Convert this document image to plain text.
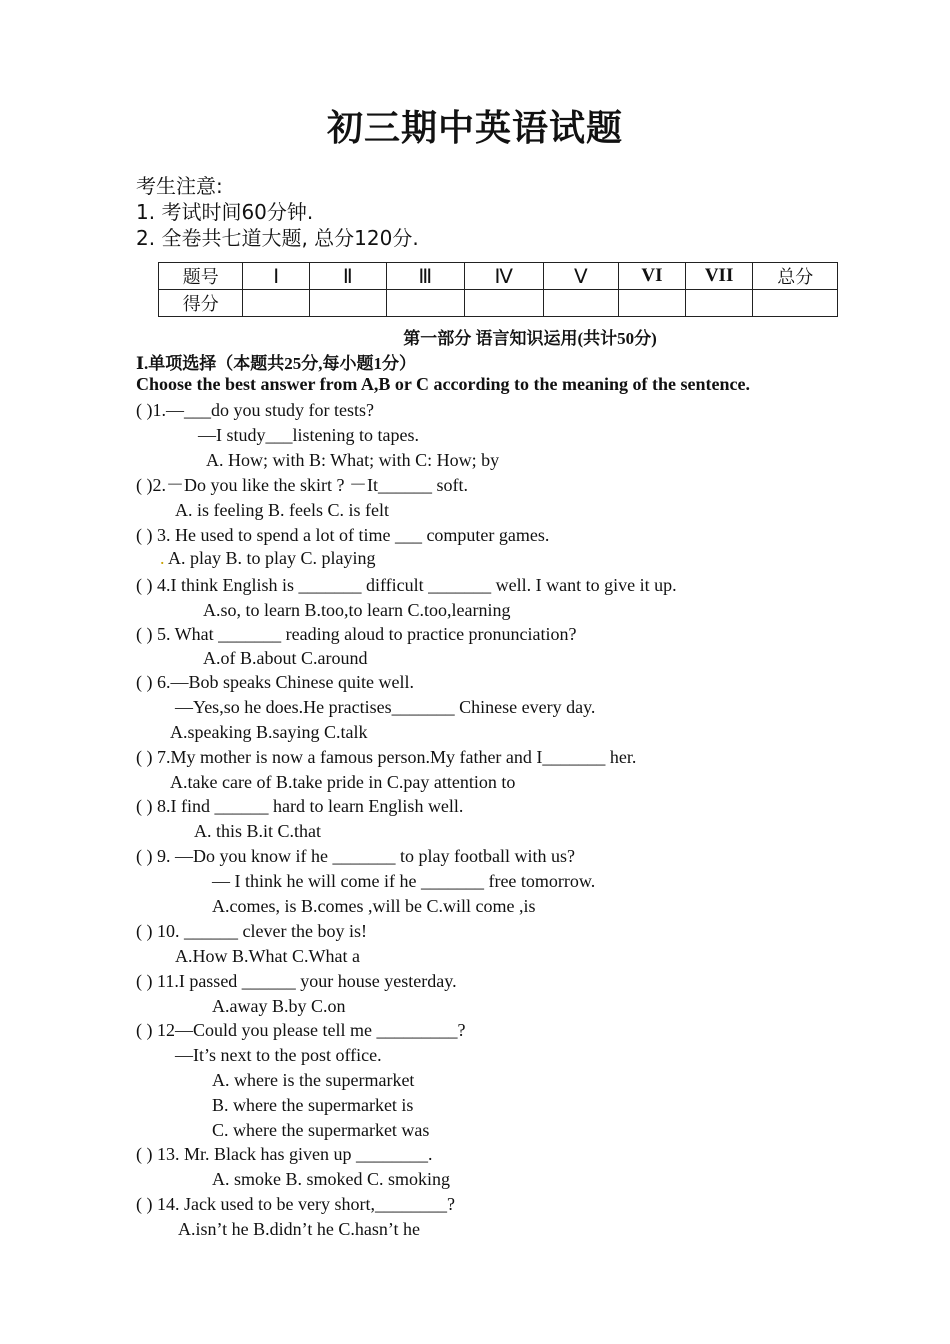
初三期中英语试题
考生注意:
1. 考试时间60分钟.
2. 全卷共七道大题, 总分120分.
题号	Ⅰ	Ⅱ	Ⅲ	Ⅳ	Ⅴ	VI	VII	总分
得分								
第一部分 语言知识运用(共计50分)
Ⅰ.单项选择（本题共25分,每小题1分）
Choose the best answer from A,B or C according to the meaning of the sentence.
( )1.—___do you study for tests?
—I study___listening to tapes.
A. How; with B: What; with C: How; by
( )2.－Do you like the skirt ? －It______ soft.
A. is feeling B. feels C. is felt
( ) 3. He used to spend a lot of time ___ computer games.
. A. play B. to play C. playing
( ) 4.I think English is _______ difficult _______ well. I want to give it up.
A.so, to learn B.too,to learn C.too,learning
( ) 5. What _______ reading aloud to practice pronunciation?
A.of B.about C.around
( ) 6.—Bob speaks Chinese quite well.
—Yes,so he does.He practises_______ Chinese every day.
A.speaking B.saying C.talk
( ) 7.My mother is now a famous person.My father and I_______ her.
A.take care of B.take pride in C.pay attention to
( ) 8.I find ______ hard to learn English well.
A. this B.it C.that
( ) 9. —Do you know if he _______ to play football with us?
— I think he will come if he _______ free tomorrow.
A.comes, is B.comes ,will be C.will come ,is
( ) 10. ______ clever the boy is!
A.How B.What C.What a
( ) 11.I passed ______ your house yesterday.
A.away B.by C.on
( ) 12—Could you please tell me _________?
—It’s next to the post office.
A. where is the supermarket
B. where the supermarket is
C. where the supermarket was
( ) 13. Mr. Black has given up ________.
A. smoke B. smoked C. smoking
( ) 14. Jack used to be very short,________?
A.isn’t he B.didn’t he C.hasn’t he
